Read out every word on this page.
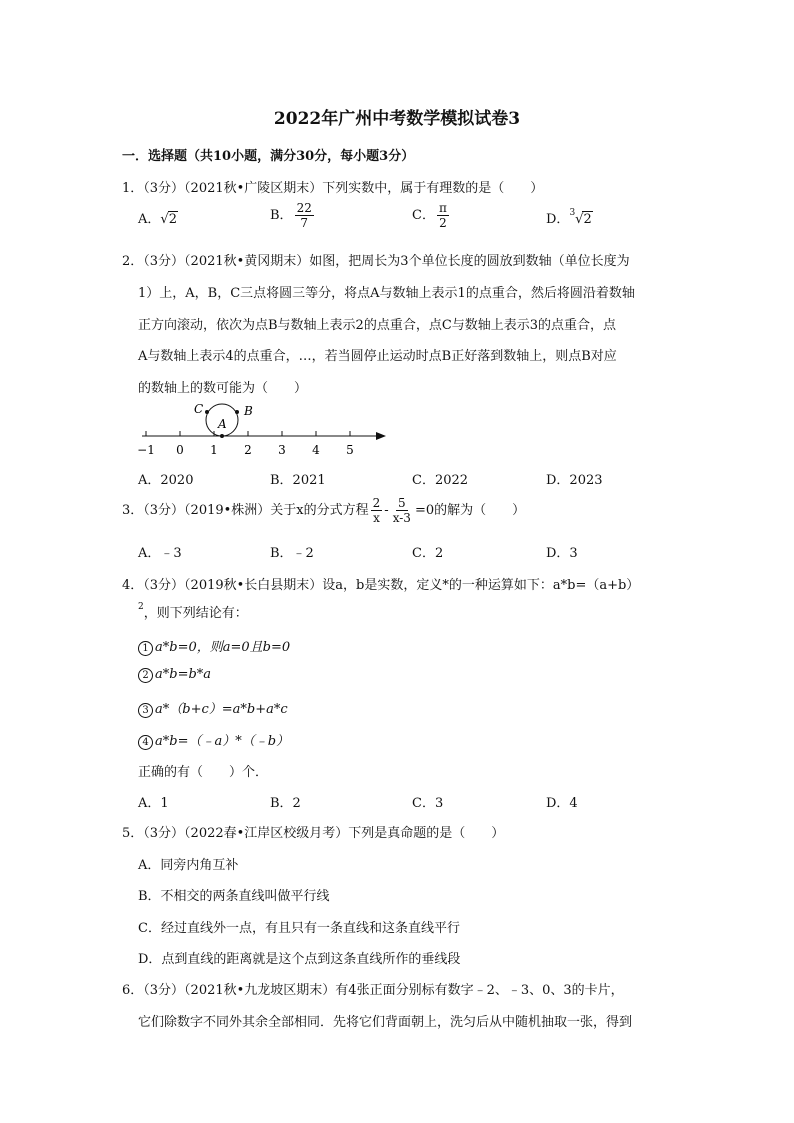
2022年广州中考数学模拟试卷3
一．选择题（共10小题，满分30分，每小题3分）
1．（3分）（2021秋•广陵区期末）下列实数中，属于有理数的是（　　）
A．√2	B． $\frac{22}{7}$	C． $\frac{\pi}{2}$	D．$^3$√2
2．（3分）（2021秋•黄冈期末）如图，把周长为3个单位长度的圆放到数轴（单位长度为
1）上，A，B，C三点将圆三等分，将点A与数轴上表示1的点重合，然后将圆沿着数轴
正方向滚动，依次为点B与数轴上表示2的点重合，点C与数轴上表示3的点重合，点
A与数轴上表示4的点重合，…，若当圆停止运动时点B正好落到数轴上，则点B对应
的数轴上的数可能为（　　）
C	B
A
−1 0 1 2 3 4 5
A．2020	B．2021	C．2022	D．2023
3．（3分）（2019•株洲）关于x的分式方程 $\frac{2}{x} - \frac{5}{x-3} =0$的解为（　　）
A．﹣3	B．﹣2	C．2	D．3
4．（3分）（2019秋•长白县期末）设a，b是实数，定义*的一种运算如下：a*b=（a+b）
$^2$，则下列结论有：
1 a*b=0，则a=0且b=0
2 a*b=b*a
3 a*（b+c）=a*b+a*c
4 a*b=（﹣a）*（﹣b）
正确的有（　　）个．
A．1	B．2	C．3	D．4
5．（3分）（2022春•江岸区校级月考）下列是真命题的是（　　）
A．同旁内角互补
B．不相交的两条直线叫做平行线
C．经过直线外一点，有且只有一条直线和这条直线平行
D．点到直线的距离就是这个点到这条直线所作的垂线段
6．（3分）（2021秋•九龙坡区期末）有4张正面分别标有数字﹣2、﹣3、0、3的卡片，
它们除数字不同外其余全部相同．先将它们背面朝上，洗匀后从中随机抽取一张，得到
